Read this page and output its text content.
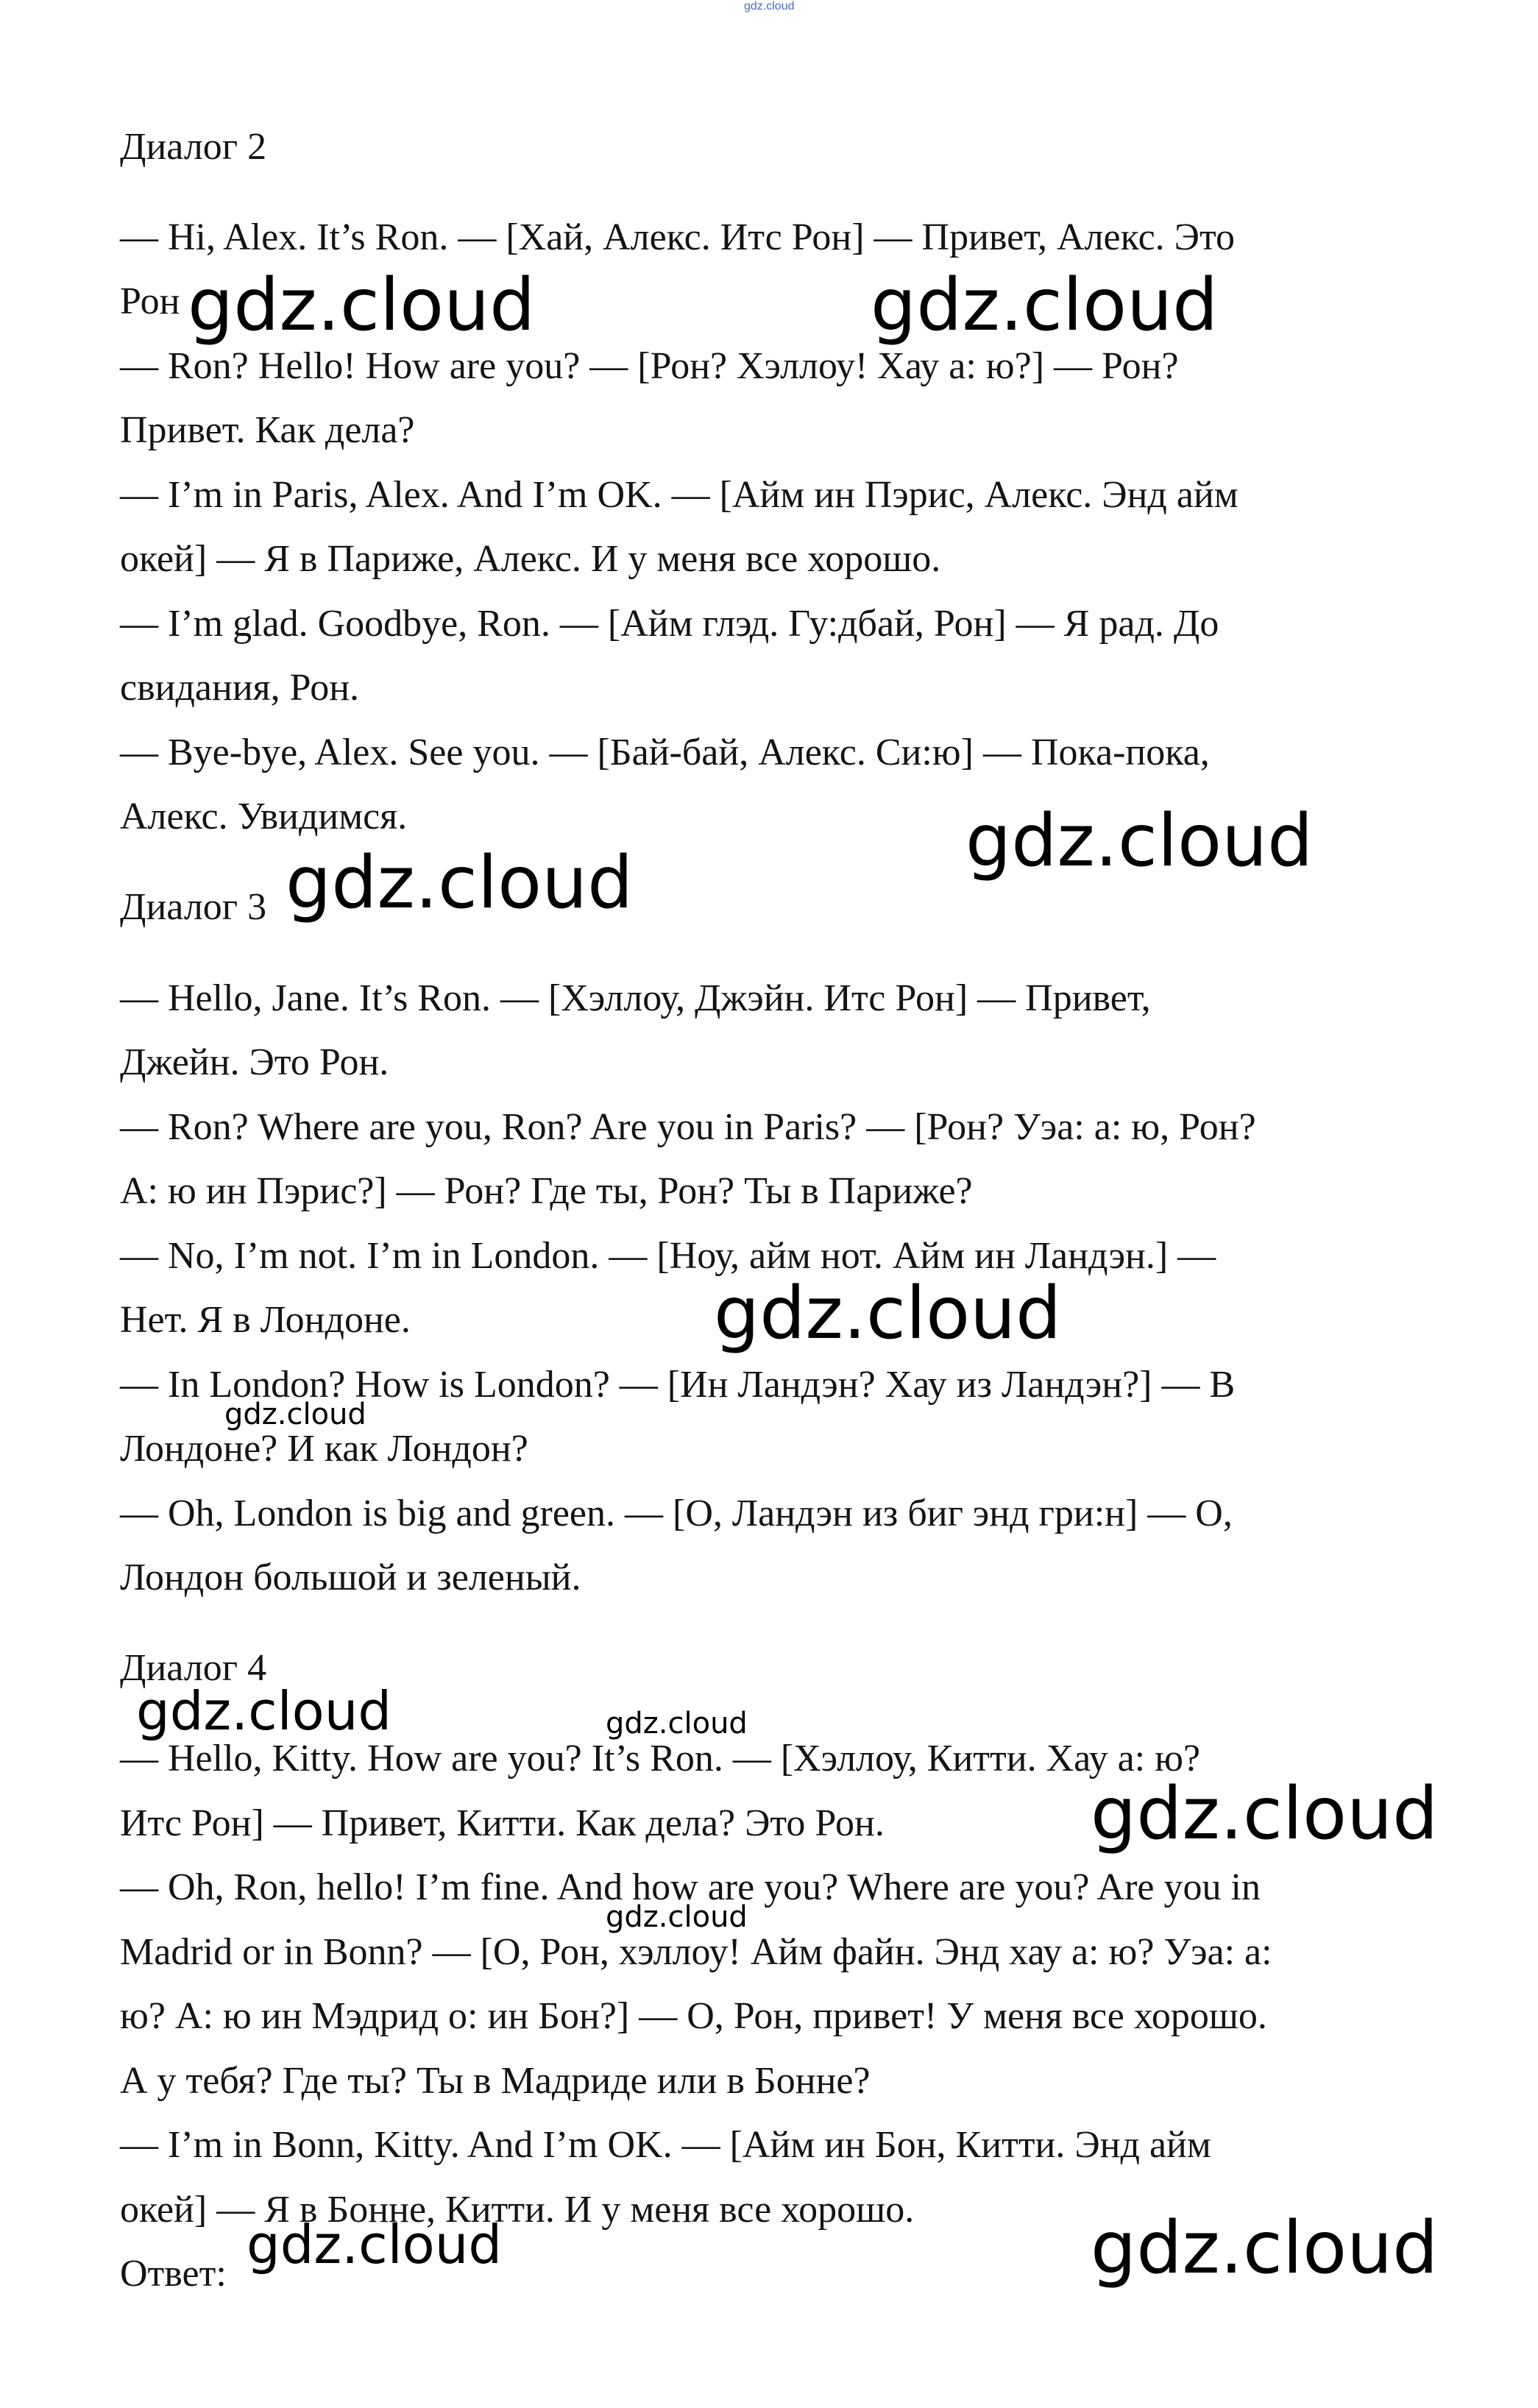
gdz.cloud
Диалог 2
— Hi, Alex. It’s Ron. — [Хай, Алекс. Итс Рон] — Привет, Алекс. Это
Рон
— Ron? Hello! How are you? — [Рон? Хэллоу! Хау а: ю?] — Рон?
Привет. Как дела?
— I’m in Paris, Alex. And I’m OK. — [Айм ин Пэрис, Алекс. Энд айм
окей] — Я в Париже, Алекс. И у меня все хорошо.
— I’m glad. Goodbye, Ron. — [Айм глэд. Гу:дбай, Рон] — Я рад. До
свидания, Рон.
— Bye-bye, Alex. See you. — [Бай-бай, Алекс. Си:ю] — Пока-пока,
Алекс. Увидимся.
Диалог 3
— Hello, Jane. It’s Ron. — [Хэллоу, Джэйн. Итс Рон] — Привет,
Джейн. Это Рон.
— Ron? Where are you, Ron? Are you in Paris? — [Рон? Уэа: а: ю, Рон?
А: ю ин Пэрис?] — Рон? Где ты, Рон? Ты в Париже?
— No, I’m not. I’m in London. — [Ноу, айм нот. Айм ин Ландэн.] —
Нет. Я в Лондоне.
— In London? How is London? — [Ин Ландэн? Хау из Ландэн?] — В
Лондоне? И как Лондон?
— Oh, London is big and green. — [О, Ландэн из биг энд гри:н] — О,
Лондон большой и зеленый.
Диалог 4
— Hello, Kitty. How are you? It’s Ron. — [Хэллоу, Китти. Хау а: ю?
Итс Рон] — Привет, Китти. Как дела? Это Рон.
— Oh, Ron, hello! I’m fine. And how are you? Where are you? Are you in
Madrid or in Bonn? — [О, Рон, хэллоу! Айм файн. Энд хау а: ю? Уэа: а:
ю? А: ю ин Мэдрид о: ин Бон?] — О, Рон, привет! У меня все хорошо.
А у тебя? Где ты? Ты в Мадриде или в Бонне?
— I’m in Bonn, Kitty. And I’m OK. — [Айм ин Бон, Китти. Энд айм
окей] — Я в Бонне, Китти. И у меня все хорошо.
Ответ:
gdz.cloud	gdz.cloud
gdz.cloud
gdz.cloud
gdz.cloud
gdz.cloud
gdz.cloud	gdz.cloud
gdz.cloud
gdz.cloud
gdz.cloud	gdz.cloud
